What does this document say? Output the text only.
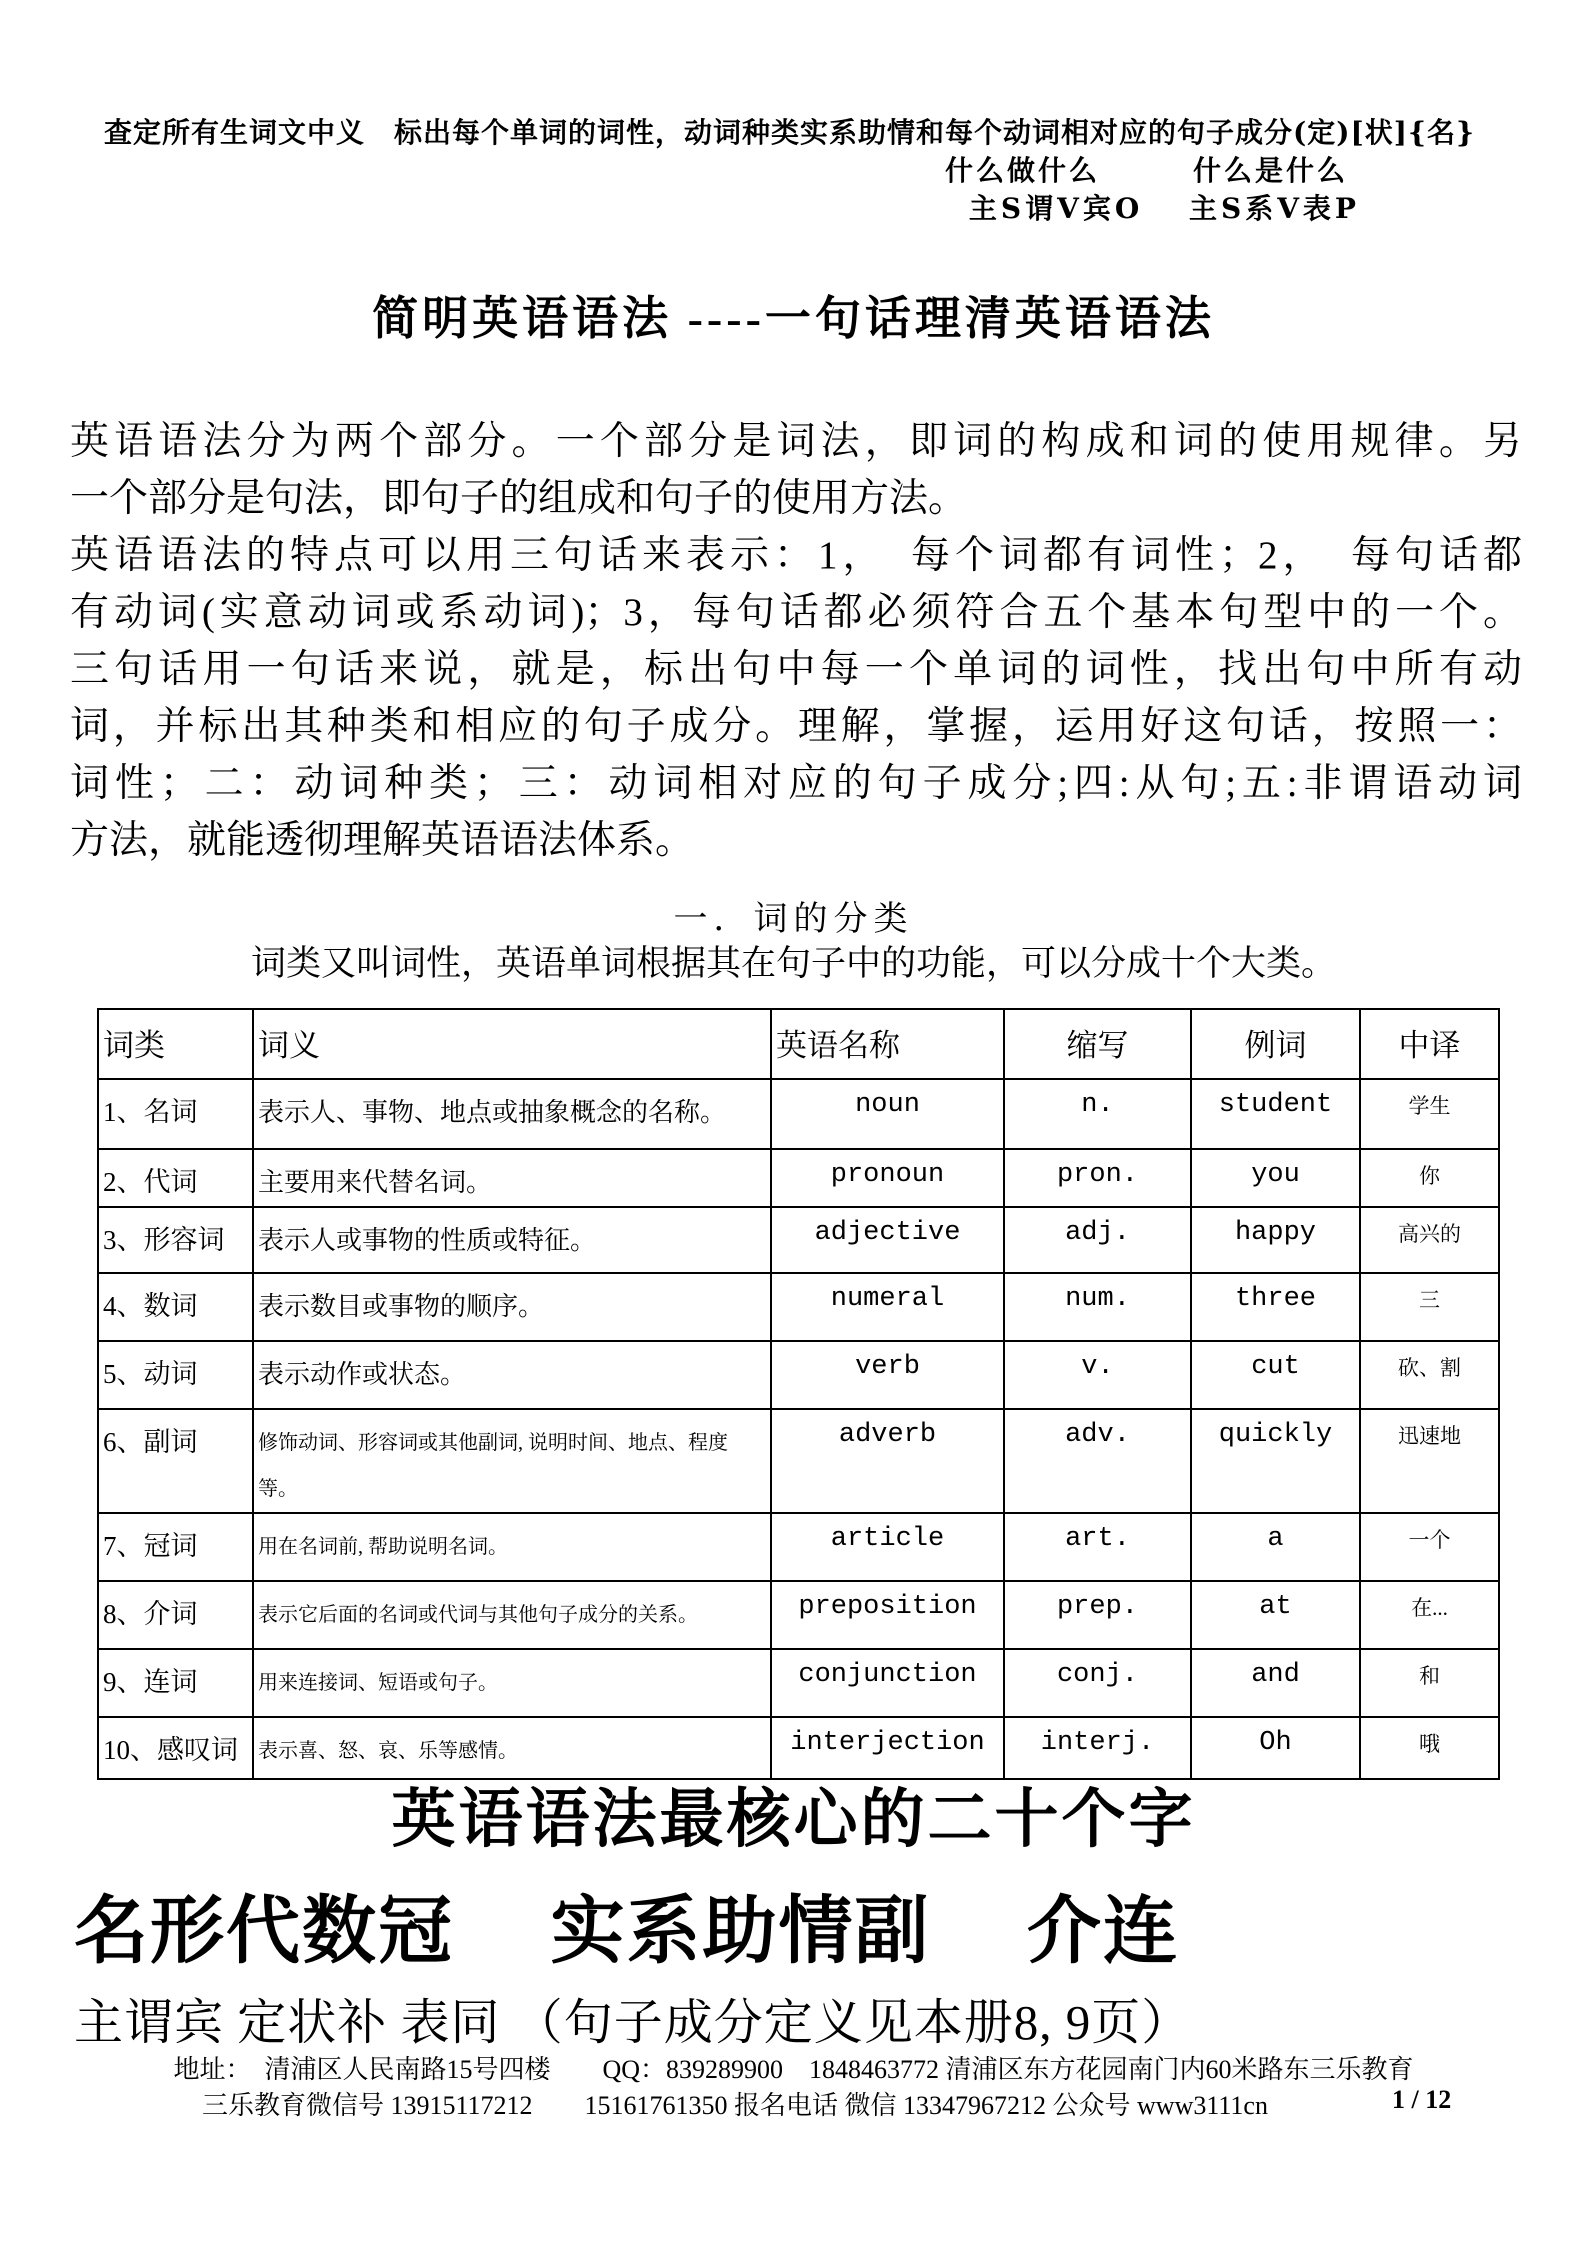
查定所有生词文中义　标出每个单词的词性，动词种类实系助情和每个动词相对应的句子成分(定)[状]{名}
什么做什么　　　什么是什么
主S谓V宾O　 主S系V表P
简明英语语法 ----一句话理清英语语法
英语语法分为两个部分。一个部分是词法，即词的构成和词的使用规律。另
一个部分是句法，即句子的组成和句子的使用方法。
英语语法的特点可以用三句话来表示：1，　每个词都有词性；2，　每句话都
有动词(实意动词或系动词)；3，每句话都必须符合五个基本句型中的一个。
三句话用一句话来说，就是，标出句中每一个单词的词性，找出句中所有动
词，并标出其种类和相应的句子成分。理解，掌握，运用好这句话，按照一：
词性；二：动词种类；三：动词相对应的句子成分;四:从句;五:非谓语动词
方法，就能透彻理解英语语法体系。
一．词的分类
词类又叫词性，英语单词根据其在句子中的功能，可以分成十个大类。
词类	词义	英语名称	缩写	例词	中译
1、名词	表示人、事物、地点或抽象概念的名称。	noun	n.	student	学生
2、代词	主要用来代替名词。	pronoun	pron.	you	你
3、形容词	表示人或事物的性质或特征。	adjective	adj.	happy	高兴的
4、数词	表示数目或事物的顺序。	numeral	num.	three	三
5、动词	表示动作或状态。	verb	v.	cut	砍、割
6、副词	修饰动词、形容词或其他副词, 说明时间、地点、程度等。	adverb	adv.	quickly	迅速地
7、冠词	用在名词前, 帮助说明名词。	article	art.	a	一个
8、介词	表示它后面的名词或代词与其他句子成分的关系。	preposition	prep.	at	在...
9、连词	用来连接词、短语或句子。	conjunction	conj.	and	和
10、感叹词	表示喜、怒、哀、乐等感情。	interjection	interj.	Oh	哦
英语语法最核心的二十个字
名形代数冠　 实系助情副　 介连
主谓宾 定状补 表同 （句子成分定义见本册8, 9页）
地址：　清浦区人民南路15号四楼　　QQ：839289900　1848463772 清浦区东方花园南门内60米路东三乐教育
三乐教育微信号 13915117212　　15161761350 报名电话 微信 13347967212 公众号 www3111cn	1 / 12
